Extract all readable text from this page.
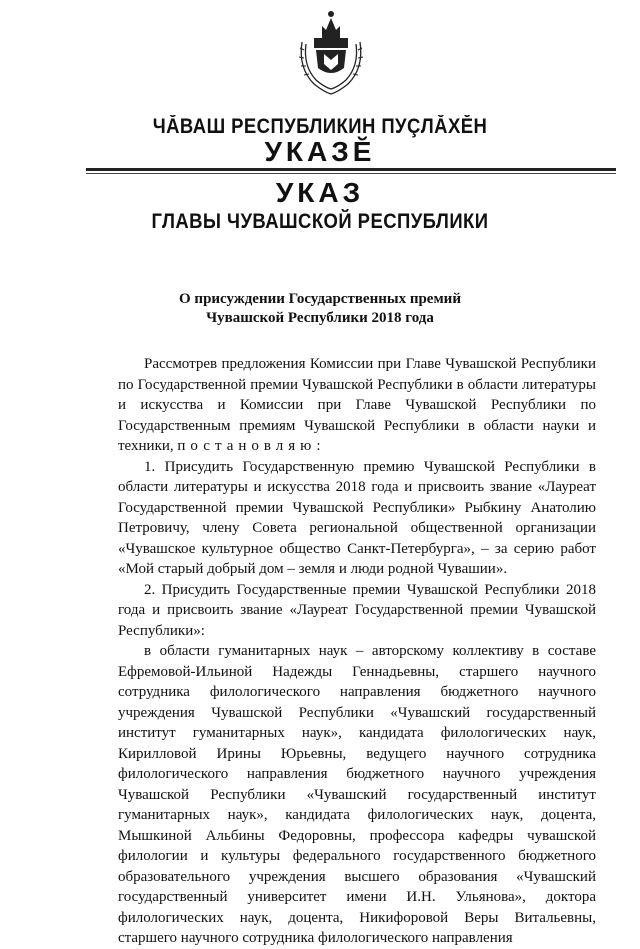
ЧĂВАШ РЕСПУБЛИКИН ПУÇЛĂХĔН
УКАЗĔ
УКАЗ
ГЛАВЫ ЧУВАШСКОЙ РЕСПУБЛИКИ
О присуждении Государственных премий
Чувашской Республики 2018 года

Рассмотрев предложения Комиссии при Главе Чувашской Республики по Государственной премии Чувашской Республики в области литературы и искусства и Комиссии при Главе Чувашской Республики по Государственным премиям Чувашской Республики в области науки и техники, постановляю:

1. Присудить Государственную премию Чувашской Республики в области литературы и искусства 2018 года и присвоить звание «Лауреат Государственной премии Чувашской Республики» Рыбкину Анатолию Петровичу, члену Совета региональной общественной организации «Чувашское культурное общество Санкт-Петербурга», – за серию работ «Мой старый добрый дом – земля и люди родной Чувашии».

2. Присудить Государственные премии Чувашской Республики 2018 года и присвоить звание «Лауреат Государственной премии Чувашской Республики»:

в области гуманитарных наук – авторскому коллективу в составе Ефремовой-Ильиной Надежды Геннадьевны, старшего научного сотрудника филологического направления бюджетного научного учреждения Чувашской Республики «Чувашский государственный институт гуманитарных наук», кандидата филологических наук, Кирилловой Ирины Юрьевны, ведущего научного сотрудника филологического направления бюджетного научного учреждения Чувашской Республики «Чувашский государственный институт гуманитарных наук», кандидата филологических наук, доцента, Мышкиной Альбины Федоровны, профессора кафедры чувашской филологии и культуры федерального государственного бюджетного образовательного учреждения высшего образования «Чувашский государственный университет имени И.Н. Ульянова», доктора филологических наук, доцента, Никифоровой Веры Витальевны, старшего научного сотрудника филологического направления
